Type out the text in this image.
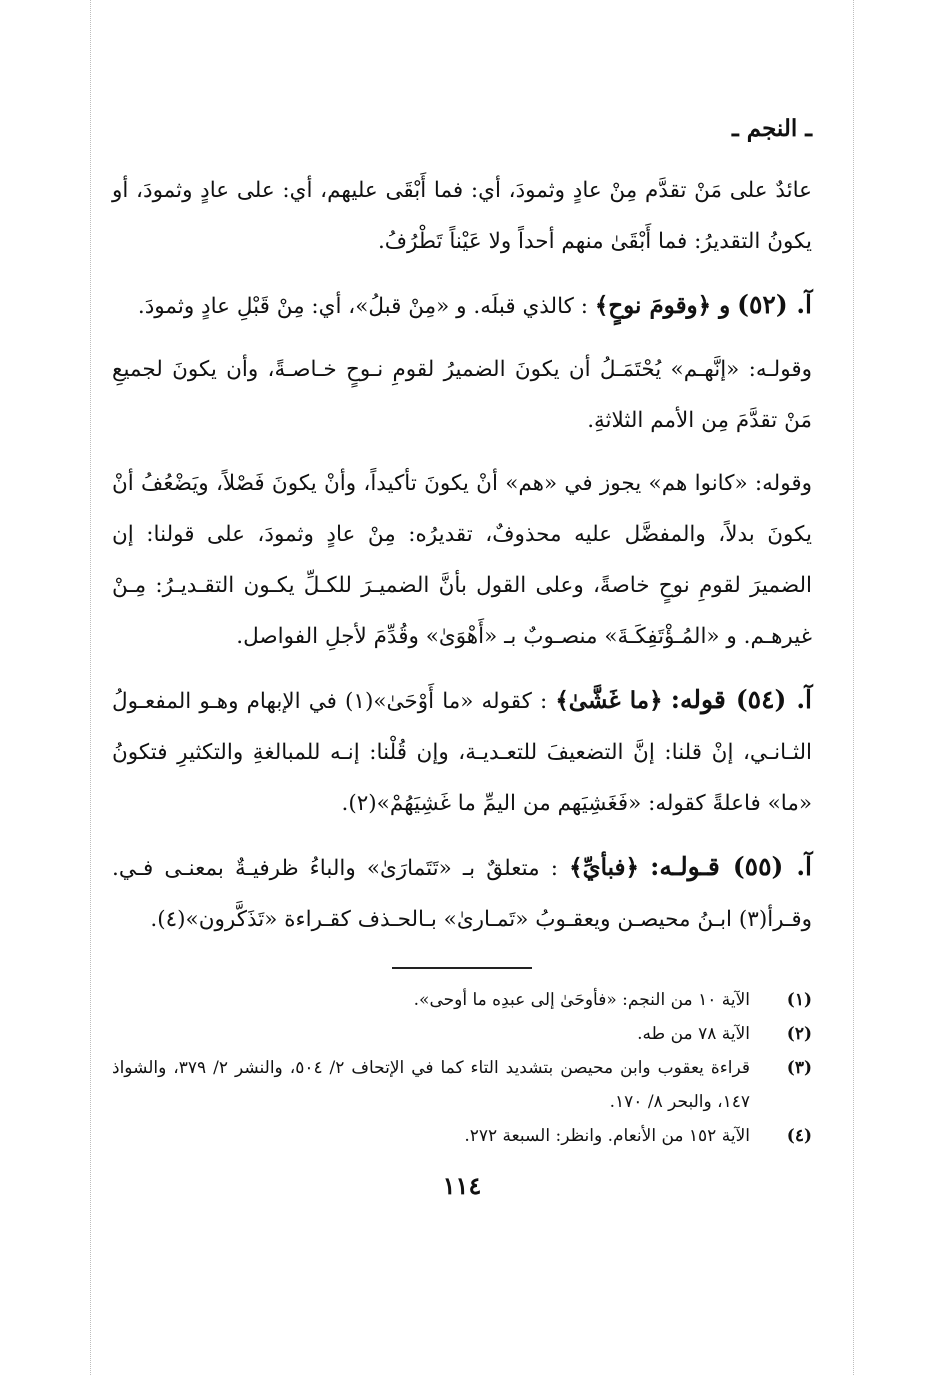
ـ النجم ـ

عائدٌ على مَنْ تقدَّم مِنْ عادٍ وثمودَ، أي: فما أَبْقَى عليهم، أي: على عادٍ وثمودَ، أو يكونُ التقديرُ: فما أَبْقَىٰ منهم أحداً ولا عَيْناً تَطْرُفُ.

آ. (٥٢) و ﴿وقومَ نوحٍ﴾ : كالذي قبلَه. و «مِنْ قبلُ»، أي: مِنْ قَبْلِ عادٍ وثمودَ.

وقولـه: «إنَّهـم» يُحْتَمَـلُ أن يكونَ الضميرُ لقومِ نـوحٍ خـاصـةً، وأن يكونَ لجميعِ مَنْ تقدَّمَ مِن الأمم الثلاثةِ.

وقوله: «كانوا هم» يجوز في «هم» أنْ يكونَ تأكيداً، وأنْ يكونَ فَصْلاً، ويَضْعُفُ أنْ يكونَ بدلاً، والمفضَّل عليه محذوفٌ، تقديرُه: مِنْ عادٍ وثمودَ، على قولنا: إن الضميرَ لقومِ نوحٍ خاصةً، وعلى القول بأنَّ الضميـرَ للكـلِّ يكـون التقـديـرُ: مِـنْ غيرهـم. و «المُـؤْتَفِكَـةَ» منصـوبٌ بـ «أَهْوَىٰ» وقُدِّمَ لأجلِ الفواصل.

آ. (٥٤) قوله: ﴿ما غَشَّىٰ﴾ : كقوله «ما أَوْحَىٰ»(١) في الإبهام وهـو المفعـولُ الثـانـي، إنْ قلنا: إنَّ التضعيفَ للتعـديـة، وإن قُلْنا: إنـه للمبالغةِ والتكثيرِ فتكونُ «ما» فاعلةً كقوله: «فَغَشِيَهم من اليمِّ ما غَشِيَهُمْ»(٢).

آ. (٥٥) قـولـه: ﴿فبأيِّ﴾ : متعلقٌ بـ «تَتَمارَىٰ» والباءُ ظرفيـةٌ بمعنـى فـي. وقـرأ(٣) ابـنُ محيصـن ويعقـوبُ «تَمـارىٰ» بـالحـذف كقـراءة «تَذَكَّرون»(٤).

(١)
الآية ١٠ من النجم: «فأوحَىٰ إلى عبدِه ما أوحى».
(٢)
الآية ٧٨ من طه.
(٣)
قراءة يعقوب وابن محيصن بتشديد التاء كما في الإتحاف ٢/ ٥٠٤، والنشر ٢/ ٣٧٩، والشواذ ١٤٧، والبحر ٨/ ١٧٠.
(٤)
الآية ١٥٢ من الأنعام. وانظر: السبعة ٢٧٢.
١١٤
